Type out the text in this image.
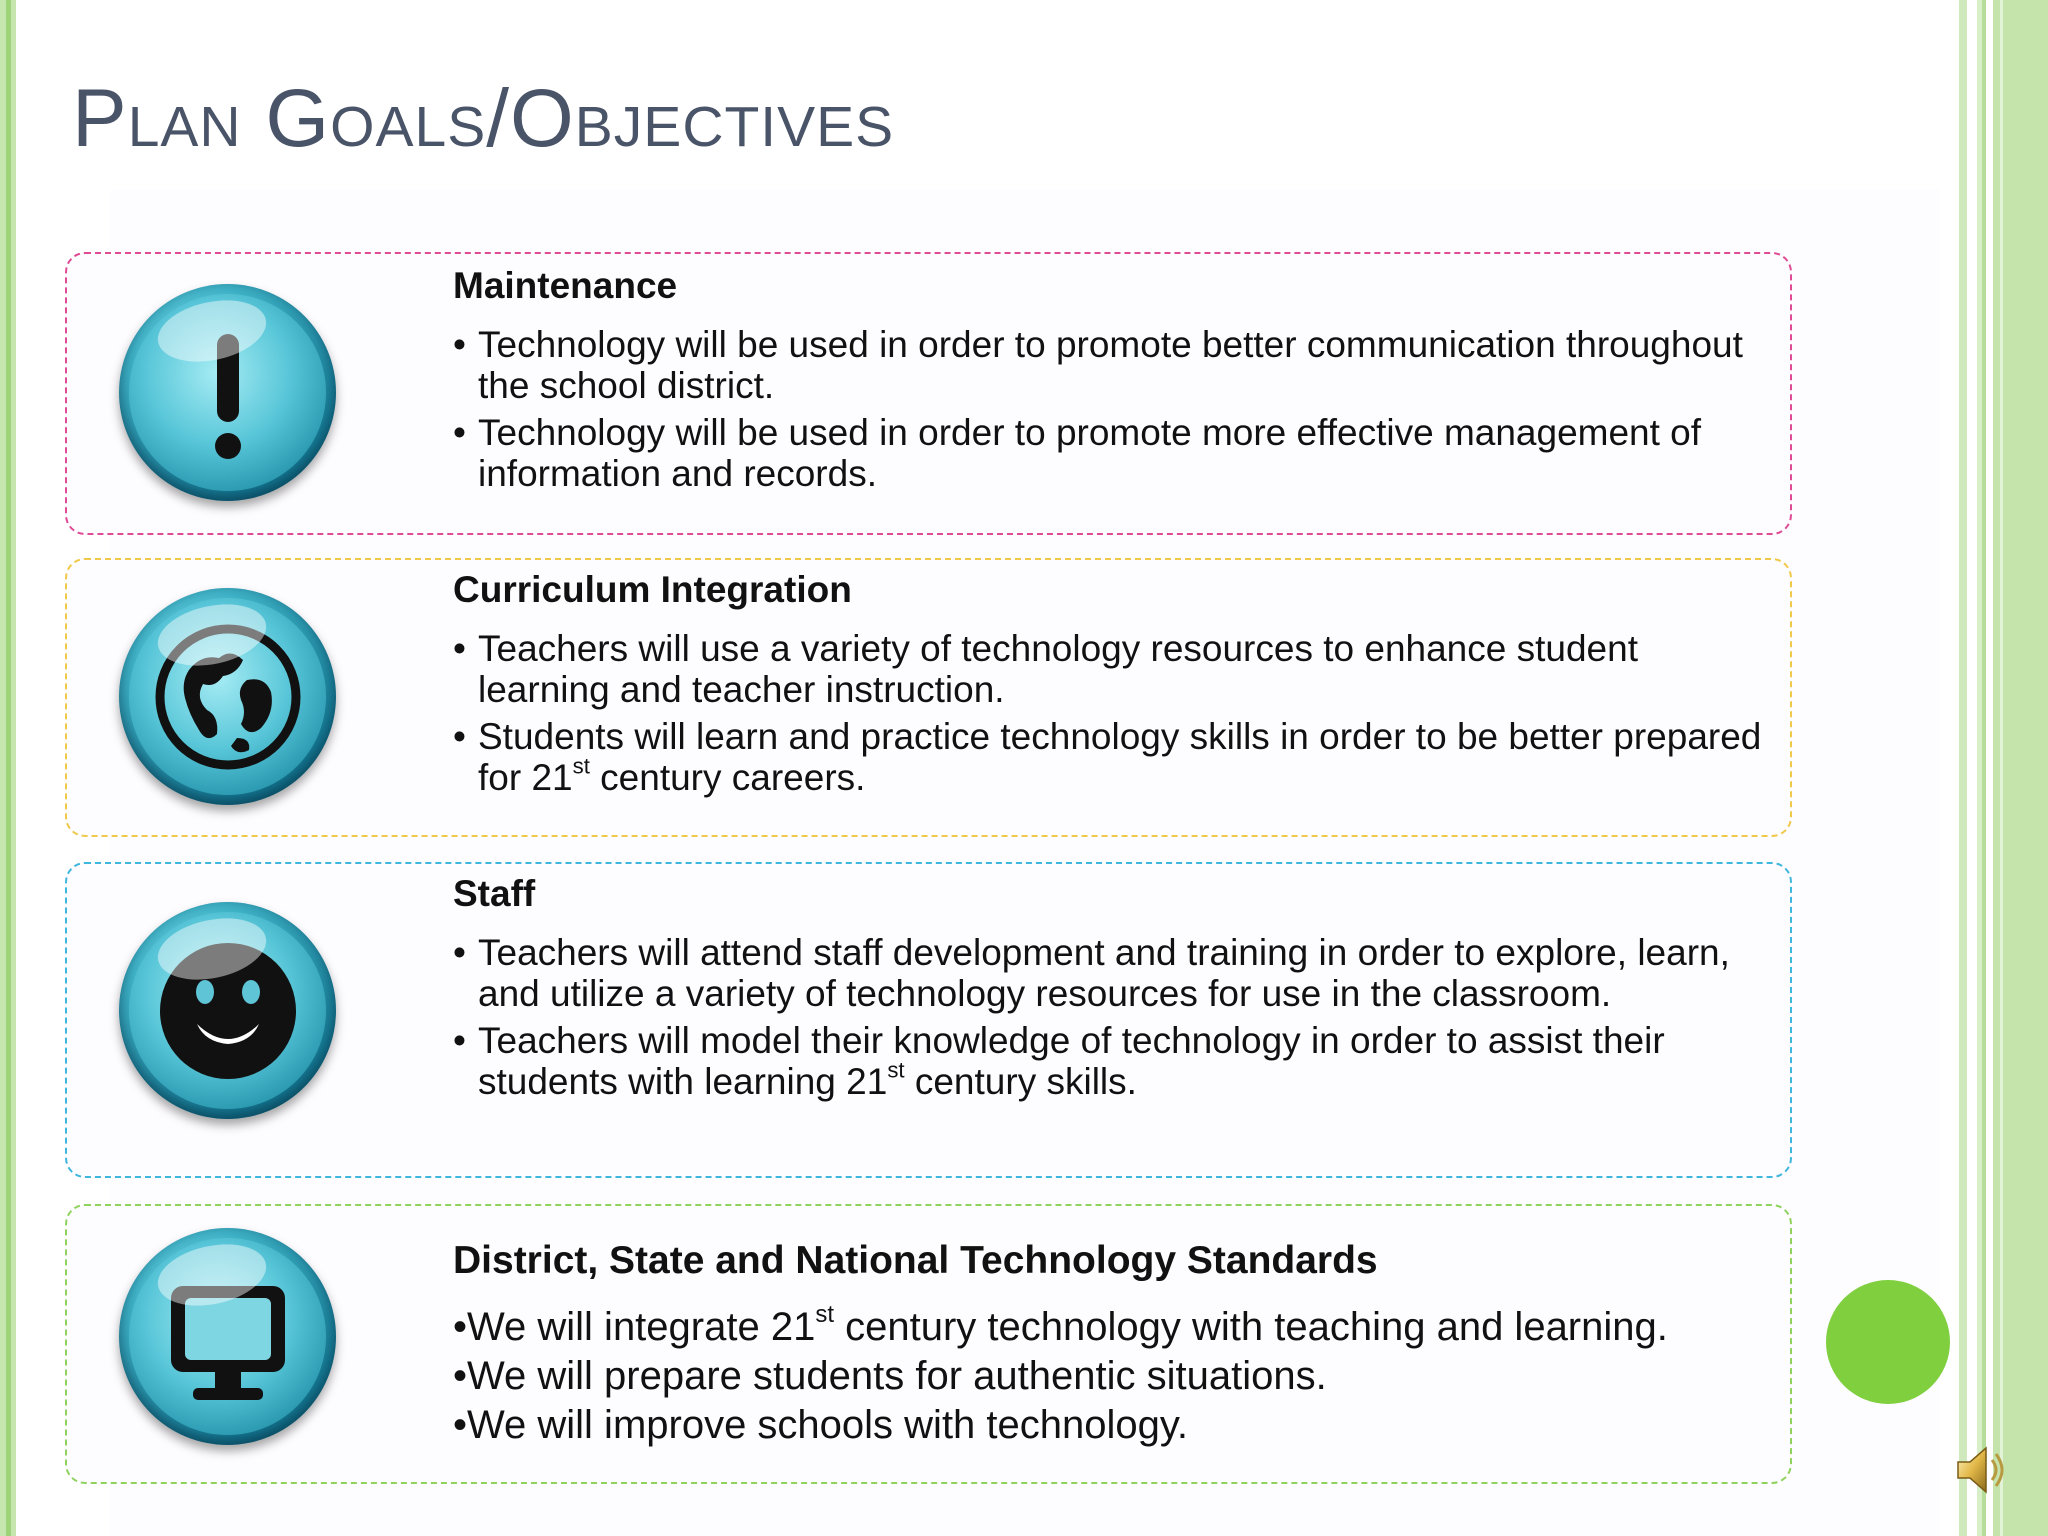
Plan Goals/Objectives
Maintenance
• Technology will be used in order to promote better communication throughout the school district.
• Technology will be used in order to promote more effective management of information and records.
Curriculum Integration
• Teachers will use a variety of technology resources to enhance student learning and teacher instruction.
• Students will learn and practice technology skills in order to be better prepared for 21st century careers.
Staff
• Teachers will attend staff development and training in order to explore, learn, and utilize a variety of technology resources for use in the classroom.
• Teachers will model their knowledge of technology in order to assist their students with learning 21st century skills.
District, State and National Technology Standards
• We will integrate 21st century technology with teaching and learning.
• We will prepare students for authentic situations.
• We will improve schools with technology.
